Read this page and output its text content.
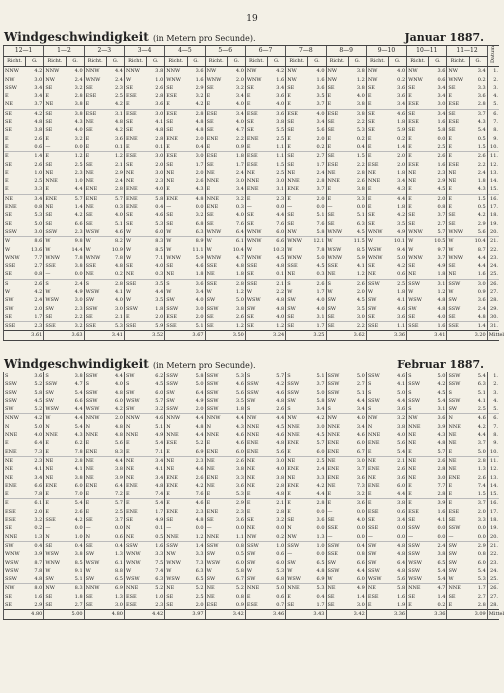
19
Windgeschwindigkeit (in Metern pro Secunde).	Januar 1887.
12—1		1—2		2—3		3—4		4—5		5—6		6—7		7—8		8—9		9—10		10—11		11—12		Datum
Richt.	G.	Richt.	G.	Richt.	G.	Richt.	G.	Richt.	G.	Richt.	G.	Richt.	G.	Richt.	G.	Richt.	G.	Richt.	G.	Richt.	G.	Richt.	G.	
NNW	4.2	NNW	4.0	NNW	4.4	NNW	3.8	NNW	3.6	NW	4.0	NW	4.2	NW	4.0	NW	3.8	NW	4.0	NW	3.6	NW	3.4	1.
NW	3.0	NW	2.4	WNW	2.4	W	1.0	WNW	1.6	WNW	2.0	WNW	1.6	NW	1.6	NW	1.2	NW	0.2	WNW	0.6	WNW	0.2	2.
SSW	3.4	SE	3.2	SE	2.3	SE	2.6	SE	2.9	SE	3.2	SE	3.4	SE	3.6	SE	3.8	SE	3.6	SE	3.4	SE	3.3	3.
E	3.4	E	2.8	ESE	2.5	ESE	2.8	ESE	3.2	E	3.4	E	3.6	E	3.5	E	4.0	E	3.6	E	3.4	E	3.6	4.
NE	3.7	NE	3.8	E	4.2	E	3.6	E	4.2	E	4.0	E	4.0	E	3.7	E	3.8	E	3.4	ESE	3.0	ESE	2.8	5.
SE	4.2	SE	3.8	ESE	3.1	ESE	3.0	ESE	2.8	ESE	3.4	ESE	3.6	ESE	4.0	ESE	3.8	SE	4.6	SE	3.4	SE	3.7	6.
SE	4.8	SE	4.3	NE	4.8	SE	4.1	SE	4.8	SE	4.0	SE	3.8	SE	3.4	SE	2.2	SE	1.8	ESE	1.6	ESE	4.3	7.
SE	3.8	SE	4.0	SE	4.2	SE	4.8	SE	4.8	SE	4.7	SE	5.5	SE	5.6	SE	5.3	SE	5.9	SE	5.8	SE	5.4	8.
E	2.6	E	3.2	E	3.6	ENE	2.8	ENE	2.0	ENE	2.2	ENE	2.5	E	2.0	E	0.2	E	0.2	E	0.0	E	0.5	9.
E	0.6	—	0.0	E	0.1	E	0.1	E	0.4	E	0.9	E	1.1	E	0.2	E	0.4	E	1.4	E	2.5	E	1.5	10.
E	1.4	E	1.2	E	1.2	ESE	3.0	ESE	3.0	ESE	1.8	ESE	1.1	SE	2.7	SE	1.5	E	2.0	E	2.6	E	2.6	11.
SE	2.6	SE	2.5	SE	2.1	SE	2.0	SE	1.7	SE	1.7	ESE	1.5	SE	1.7	ESE	2.2	ESE	2.0	ESE	1.6	ESE	2.2	12.
E	1.0	NE	2.3	NE	2.9	NE	3.0	NE	2.0	NE	2.4	NE	2.5	NE	2.4	NE	2.8	NE	1.8	NE	2.3	NE	2.4	13.
E	2.5	NNE	1.0	NE	2.4	NE	2.3	NE	2.6	NNE	3.0	NNE	3.0	NNE	2.8	NNE	2.6	NNE	3.4	NE	2.9	NE	1.8	14.
E	3.3	E	4.4	ENE	2.8	ENE	4.0	E	4.3	E	3.4	ENE	3.1	ENE	3.7	E	3.8	E	4.3	E	4.5	E	4.3	15.
NE	3.4	ENE	5.7	ENE	5.7	ENE	5.8	ENE	4.8	NNE	3.2	E	2.3	E	2.0	E	3.3	E	4.4	E	2.0	E	1.5	16.
ENE	0.8	NE	1.4	NE	0.3	ENE	0.4	—	0.0	ENE	0.3	—	0.0	—	0.0	—	0.0	E	1.8	E	0.8	E	0.5	17.
SE	5.3	SE	4.2	SE	4.0	SE	4.6	SE	3.2	SE	4.0	SE	4.4	SE	5.1	SE	5.1	SE	4.2	SE	3.7	SE	4.2	18.
SE	5.0	SE	6.6	SE	5.1	SE	5.3	SE	6.8	SE	7.6	SE	7.6	SE	7.6	SE	6.3	SE	3.5	SE	2.7	SE	2.9	19.
SSW	3.0	SSW	2.3	WSW	4.6	W	6.0	W	6.3	WNW	6.4	WNW	6.0	NW	5.8	WNW	4.5	WNW	4.9	WNW	5.7	WNW	5.6	20.
W	8.6	W	9.8	W	8.2	W	8.3	W	8.9	W	6.1	WNW	6.6	WNW	12.1	W	11.5	W	10.1	W	10.5	W	10.4	21.
W	13.6	W	14.4	W	10.9	W	8.5	W	11.1	W	10.4	W	10.3	W	7.8	WSW	8.5	WSW	9.4	W	9.7	W	8.7	22.
WNW	7.7	WNW	7.8	WNW	7.8	W	7.1	WNW	5.9	WNW	4.7	WNW	4.5	WNW	5.0	WNW	5.9	WNW	5.0	WNW	3.7	WNW	4.4	23.
SSE	2.7	SSE	3.8	SSE	4.8	SE	4.0	SE	4.6	SSE	4.8	SSE	4.8	SSE	4.5	SSE	4.1	SE	4.2	SE	4.9	SE	4.4	24.
SE	0.8	—	0.0	NE	0.2	NE	0.3	NE	1.8	NE	1.8	SE	0.1	NE	0.3	NE	1.2	NE	0.6	NE	1.8	NE	1.6	25.
S	2.6	S	2.4	S	2.8	SSE	3.5	S	3.6	SSE	2.8	SSE	2.1	S	2.6	S	2.6	SSW	2.5	SSW	3.1	SSW	3.0	26.
W	4.2	W	4.9	WSW	4.1	W	4.4	W	3.4	W	1.2	W	2.2	W	1.7	W	2.0	W	1.8	W	1.2	W	0.9	27.
SW	2.4	WSW	3.0	SW	4.0	W	3.5	SW	4.0	SW	5.0	WSW	4.8	SW	4.0	SW	4.5	SW	4.1	WSW	4.8	SW	3.6	28.
SW	2.0	SW	2.3	SSW	3.0	SSW	1.8	SSW	3.0	SSW	3.8	SW	4.8	SW	4.0	SW	3.5	SW	4.6	SW	4.8	SSW	2.4	29.
SE	1.7	SE	2.2	SE	2.1	E	2.0	ESE	2.0	SE	2.6	SE	4.0	SE	3.1	SE	3.0	SE	3.6	SE	4.0	SE	4.8	30.
SSE	2.3	SSE	3.2	SSE	5.3	SSE	5.9	SSE	5.1	SE	1.2	SE	1.2	SE	1.7	SE	2.2	SSE	1.1	SSE	1.6	SSE	1.4	31.
	3.61		3.63		3.41		3.52		3.67		3.50		3.24		3.25		3.62		3.36		3.41		3.20	Mittel
Windgeschwindigkeit (in Metern pro Secunde).	Februar 1887.
S	3.6	S	3.8	SSW	4.4	SW	6.2	SSW	5.8	SSW	5.3	S	5.7	S	5.1	SSW	5.0	SSW	4.6	S	5.0	SSW	5.4	1.
SSW	5.2	SSW	4.7	S	4.0	S	4.5	SSW	5.0	SSW	4.6	SSW	4.2	SSW	3.7	SSW	2.7	S	4.1	SSW	4.2	SSW	6.3	2.
SSW	5.8	SW	5.4	SSW	4.8	SW	6.0	SW	6.4	SSW	5.6	SSW	4.6	SSW	5.0	SSW	5.1	S	5.0	S	4.5	S	5.1	3.
SSW	4.5	SW	6.6	SSW	6.0	WSW	5.7	SW	4.9	SSW	3.5	SW	4.8	SW	5.8	SW	4.4	SSW	4.4	SSW	5.4	SSW	4.1	4.
SW	5.2	WSW	4.4	WSW	4.2	SW	3.2	SSW	2.0	SSW	1.8	S	2.6	S	3.4	S	3.4	S	3.6	S	3.1	SW	2.5	5.
NNW	4.2	W	4.4	NNW	2.0	NNW	4.6	NNW	4.4	NNW	4.4	NW	4.4	NW	4.2	NW	4.0	NW	3.2	NW	3.6	N	4.6	6.
N	5.0	N	5.4	N	4.8	N	5.1	N	4.8	N	4.3	NNE	4.5	NNE	3.0	NNE	3.4	N	3.8	NNE	3.9	NNE	4.2	7.
NNE	4.0	NNE	4.3	NNE	4.8	NNE	4.9	NNE	4.4	NNE	4.6	NNE	4.6	NNE	4.5	NNE	4.6	NNE	4.0	NE	4.3	NE	4.4	8.
E	6.4	E	6.2	E	5.6	E	5.4	ESE	5.2	E	4.6	ENE	4.8	ENE	5.7	ENE	6.0	ENE	5.6	NE	4.8	NE	3.7	9.
ENE	7.3	E	7.8	ENE	8.3	E	7.1	E	6.9	ENE	6.0	ENE	5.6	E	6.0	ENE	6.7	E	5.4	E	5.7	E	5.0	10.
NE	2.3	NE	2.8	NE	4.4	NE	3.4	NE	2.3	NE	2.6	NE	3.0	NE	2.5	NE	3.0	NE	2.1	NE	2.6	NE	2.8	11.
NE	4.1	NE	4.1	NE	3.8	NE	4.1	NE	4.6	NE	3.8	NE	4.0	ENE	2.4	ENE	3.7	ENE	2.6	NE	2.8	NE	1.3	12.
NE	3.4	NE	3.8	NE	3.9	NE	3.4	ENE	2.6	ENE	3.3	NE	3.8	NE	3.3	ENE	3.6	NE	3.6	NE	3.0	ENE	2.6	13.
ENE	6.6	ENE	6.0	ENE	6.4	ENE	4.8	ENE	4.2	NE	3.6	NE	2.8	ENE	4.2	NE	7.3	ENE	6.0	E	7.7	E	7.4	14.
E	7.8	E	7.0	E	7.2	E	7.4	E	7.6	E	5.3	E	4.8	E	4.4	E	3.2	E	4.4	E	2.8	E	1.5	15.
E	6.1	E	5.4	E	5.7	E	5.4	E	4.6	E	2.9	E	2.1	E	2.8	E	3.6	E	3.8	E	3.9	E	3.7	16.
ESE	2.0	E	2.6	E	2.5	ENE	1.7	ENE	2.3	ENE	2.3	E	2.8	E	0.0	—	0.0	ESE	0.6	ESE	1.6	ESE	2.0	17.
ESE	3.2	SSE	4.2	SE	3.7	SE	4.9	SE	4.8	SE	3.6	SE	3.2	SE	3.6	SE	4.0	SE	3.4	SE	4.1	SE	3.3	18.
SE	0.2	—	0.0	—	0.0	N	0.1	—	0.0	—	0.0	NE	0.0	N	0.0	SSE	0.0	SSE	0.0	SSW	0.0	SSW	0.0	19.
NNE	1.3	N	1.0	N	0.6	NE	0.5	NNE	1.2	NNE	1.1	NW	0.2	NW	1.3	—	0.0	—	0.0	—	0.0	—	0.0	20.
SW	0.4	SE	0.4	SE	0.4	SSW	1.6	SSW	1.4	SSW	0.8	SSW	1.0	SSW	1.0	SSW	0.4	SW	4.8	SSW	2.4	SW	2.9	21.
WNW	3.9	WSW	3.8	SW	1.3	WNW	3.3	NW	3.3	SW	0.5	SW	0.6	—	0.0	SSE	0.8	SW	4.8	SSW	3.8	SW	0.8	22.
WSW	8.7	WNW	8.5	WSW	6.1	WNW	7.5	WNW	7.3	WSW	6.0	SW	6.0	SW	6.5	SW	6.6	SW	6.4	WSW	6.5	SW	6.0	23.
WSW	7.8	W	9.1	W	8.8	W	7.4	W	6.3	W	5.8	W	5.3	W	4.8	SSW	4.4	SSW	4.8	SSW	5.4	SW	5.4	24.
SSW	4.8	SW	5.1	SW	6.5	WSW	6.3	WSW	6.5	SW	6.7	SW	6.8	WSW	6.9	W	6.0	WSW	5.6	WSW	5.4	W	5.3	25.
NW	8.0	NW	8.3	NNW	6.9	NNE	5.2	NE	5.2	NE	5.2	NNE	5.0	NNE	5.3	NE	4.9	NE	5.8	NNE	4.7	NNE	1.7	26.
SE	1.6	SE	1.8	SE	1.3	ESE	1.0	SE	2.5	NE	0.8	E	0.6	E	0.4	SE	1.4	ESE	1.6	SE	1.4	SE	2.7	27.
SE	2.9	SE	2.7	SE	3.0	ESE	2.3	SE	2.0	ESE	0.9	ESE	0.7	SE	1.7	SE	3.0	E	1.9	E	0.2	E	2.8	28.
	4.80		5.00		4.80		4.42		3.97		3.42		3.46		3.43		3.42		3.36		3.36		3.09	Mittel
